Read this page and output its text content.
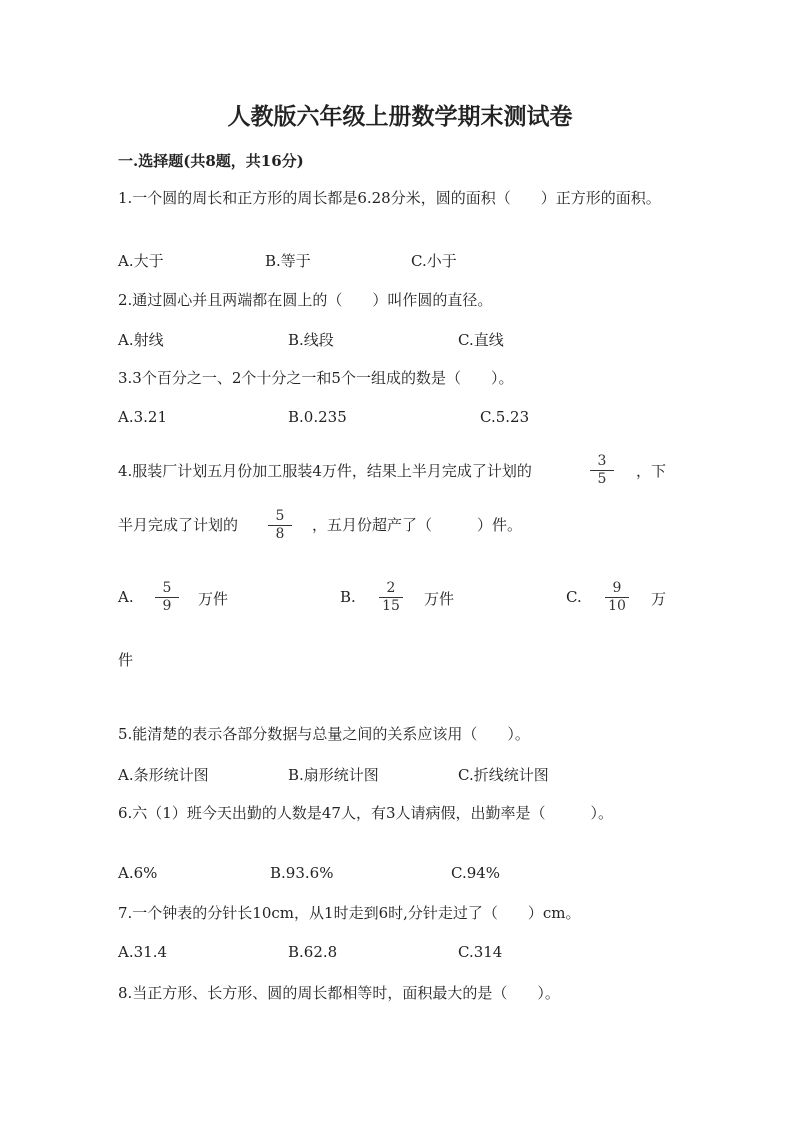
人教版六年级上册数学期末测试卷
一.选择题(共8题，共16分)
1.一个圆的周长和正方形的周长都是6.28分米，圆的面积（　　）正方形的面积。
A.大于	B.等于	C.小于
2.通过圆心并且两端都在圆上的（　　）叫作圆的直径。
A.射线	B.线段	C.直线
3.3个百分之一、2个十分之一和5个一组成的数是（　　）。
A.3.21	B.0.235	C.5.23
4.服装厂计划五月份加工服装4万件，结果上半月完成了计划的	$\frac{3}{5}$ ，下
半月完成了计划的 $\frac{5}{8}$ ，五月份超产了（　　　）件。
A. $\frac{5}{9}$ 万件	B. $\frac{2}{15}$ 万件	C. $\frac{9}{10}$ 万
件
5.能清楚的表示各部分数据与总量之间的关系应该用（　　）。
A.条形统计图	B.扇形统计图	C.折线统计图
6.六（1）班今天出勤的人数是47人，有3人请病假，出勤率是（　　　）。
A.6%	B.93.6%	C.94%
7.一个钟表的分针长10cm，从1时走到6时,分针走过了（　　）cm。
A.31.4	B.62.8	C.314
8.当正方形、长方形、圆的周长都相等时，面积最大的是（　　）。
